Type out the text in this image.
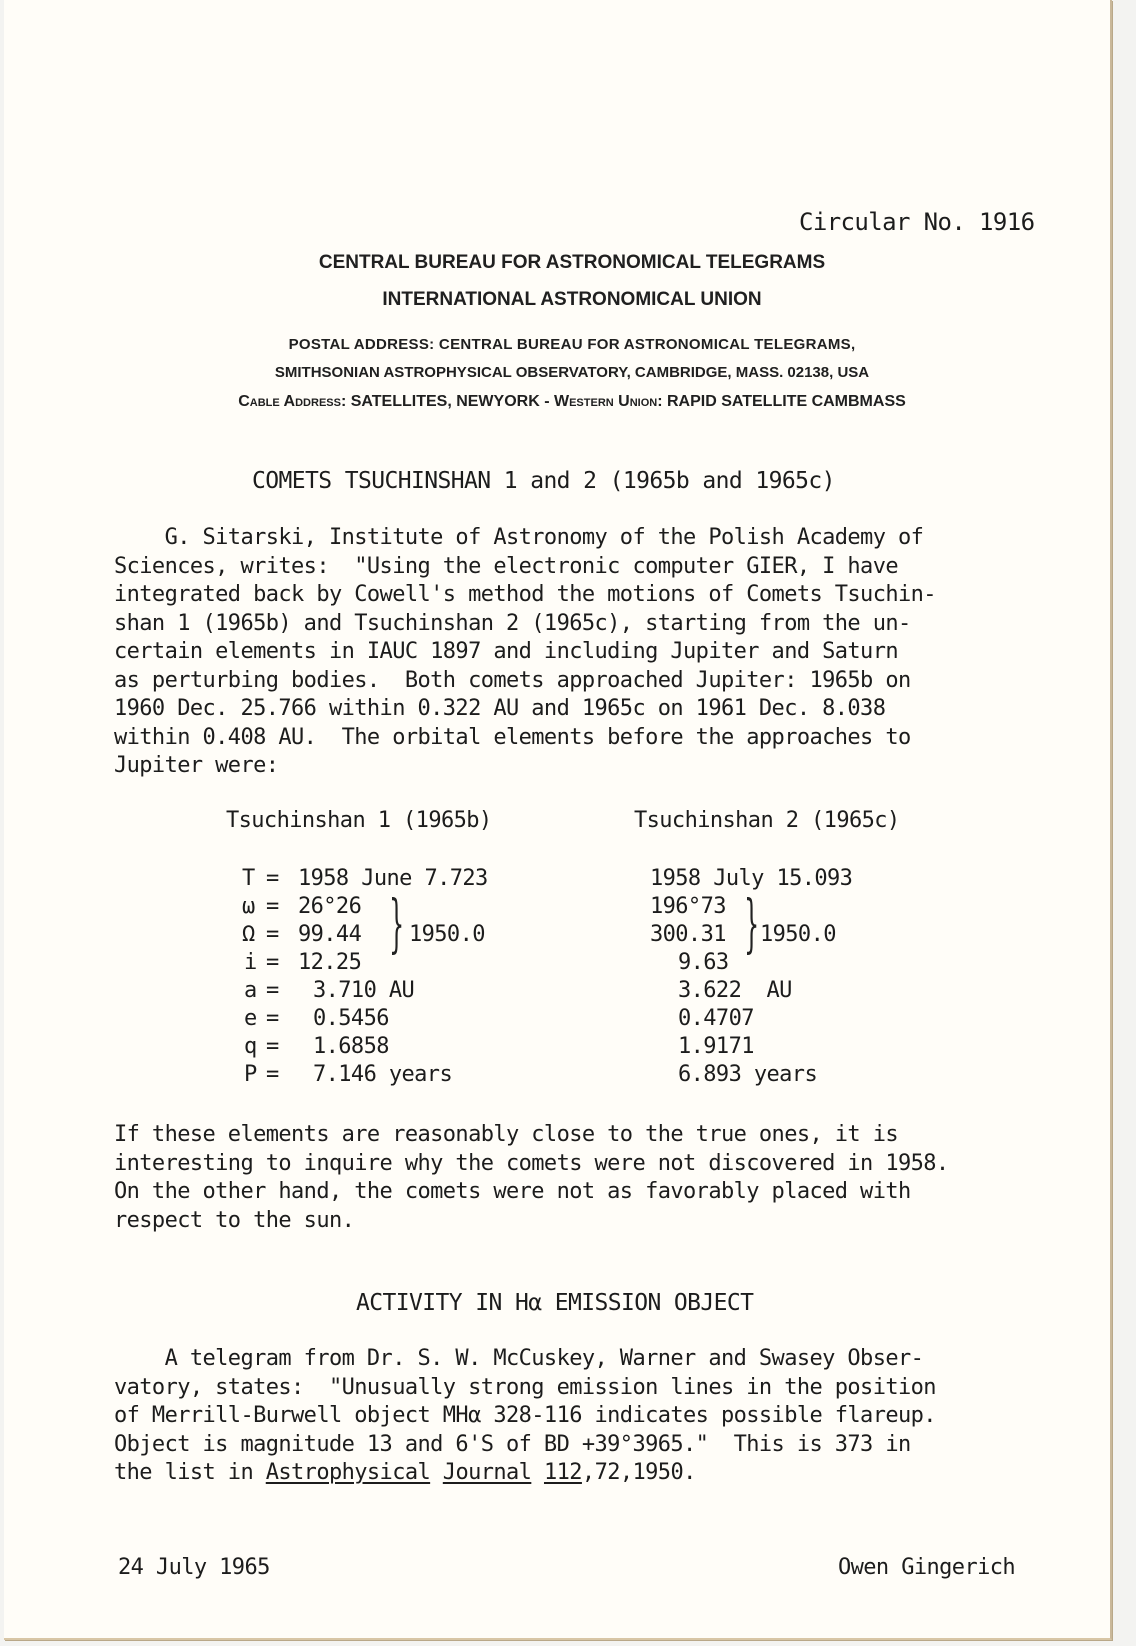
Circular No. 1916
CENTRAL BUREAU FOR ASTRONOMICAL TELEGRAMS
INTERNATIONAL ASTRONOMICAL UNION
POSTAL ADDRESS: CENTRAL BUREAU FOR ASTRONOMICAL TELEGRAMS,
SMITHSONIAN ASTROPHYSICAL OBSERVATORY, CAMBRIDGE, MASS. 02138, USA
Cable Address: SATELLITES, NEWYORK - Western Union: RAPID SATELLITE CAMBMASS
COMETS TSUCHINSHAN 1 and 2 (1965b and 1965c)
G. Sitarski, Institute of Astronomy of the Polish Academy of
Sciences, writes:  "Using the electronic computer GIER, I have
integrated back by Cowell's method the motions of Comets Tsuchin-
shan 1 (1965b) and Tsuchinshan 2 (1965c), starting from the un-
certain elements in IAUC 1897 and including Jupiter and Saturn
as perturbing bodies.  Both comets approached Jupiter: 1965b on
1960 Dec. 25.766 within 0.322 AU and 1965c on 1961 Dec. 8.038
within 0.408 AU.  The orbital elements before the approaches to
Jupiter were:
Tsuchinshan 1 (1965b)	Tsuchinshan 2 (1965c)
T
ω
Ω
i
a
e
q
P
=
=
=
=
=
=
=
=
1958 June 7.723
26°26
99.44
12.25
3.710 AU
0.5456
1.6858
7.146 years
} 1950.0
1958 July 15.093
196°73
300.31
9.63
3.622  AU
0.4707
1.9171
6.893 years
} 1950.0
If these elements are reasonably close to the true ones, it is
interesting to inquire why the comets were not discovered in 1958.
On the other hand, the comets were not as favorably placed with
respect to the sun.
ACTIVITY IN Hα EMISSION OBJECT
A telegram from Dr. S. W. McCuskey, Warner and Swasey Obser-
vatory, states:  "Unusually strong emission lines in the position
of Merrill-Burwell object MHα 328-116 indicates possible flareup.
Object is magnitude 13 and 6'S of BD +39°3965."  This is 373 in
the list in Astrophysical Journal 112,72,1950.
24 July 1965	Owen Gingerich
